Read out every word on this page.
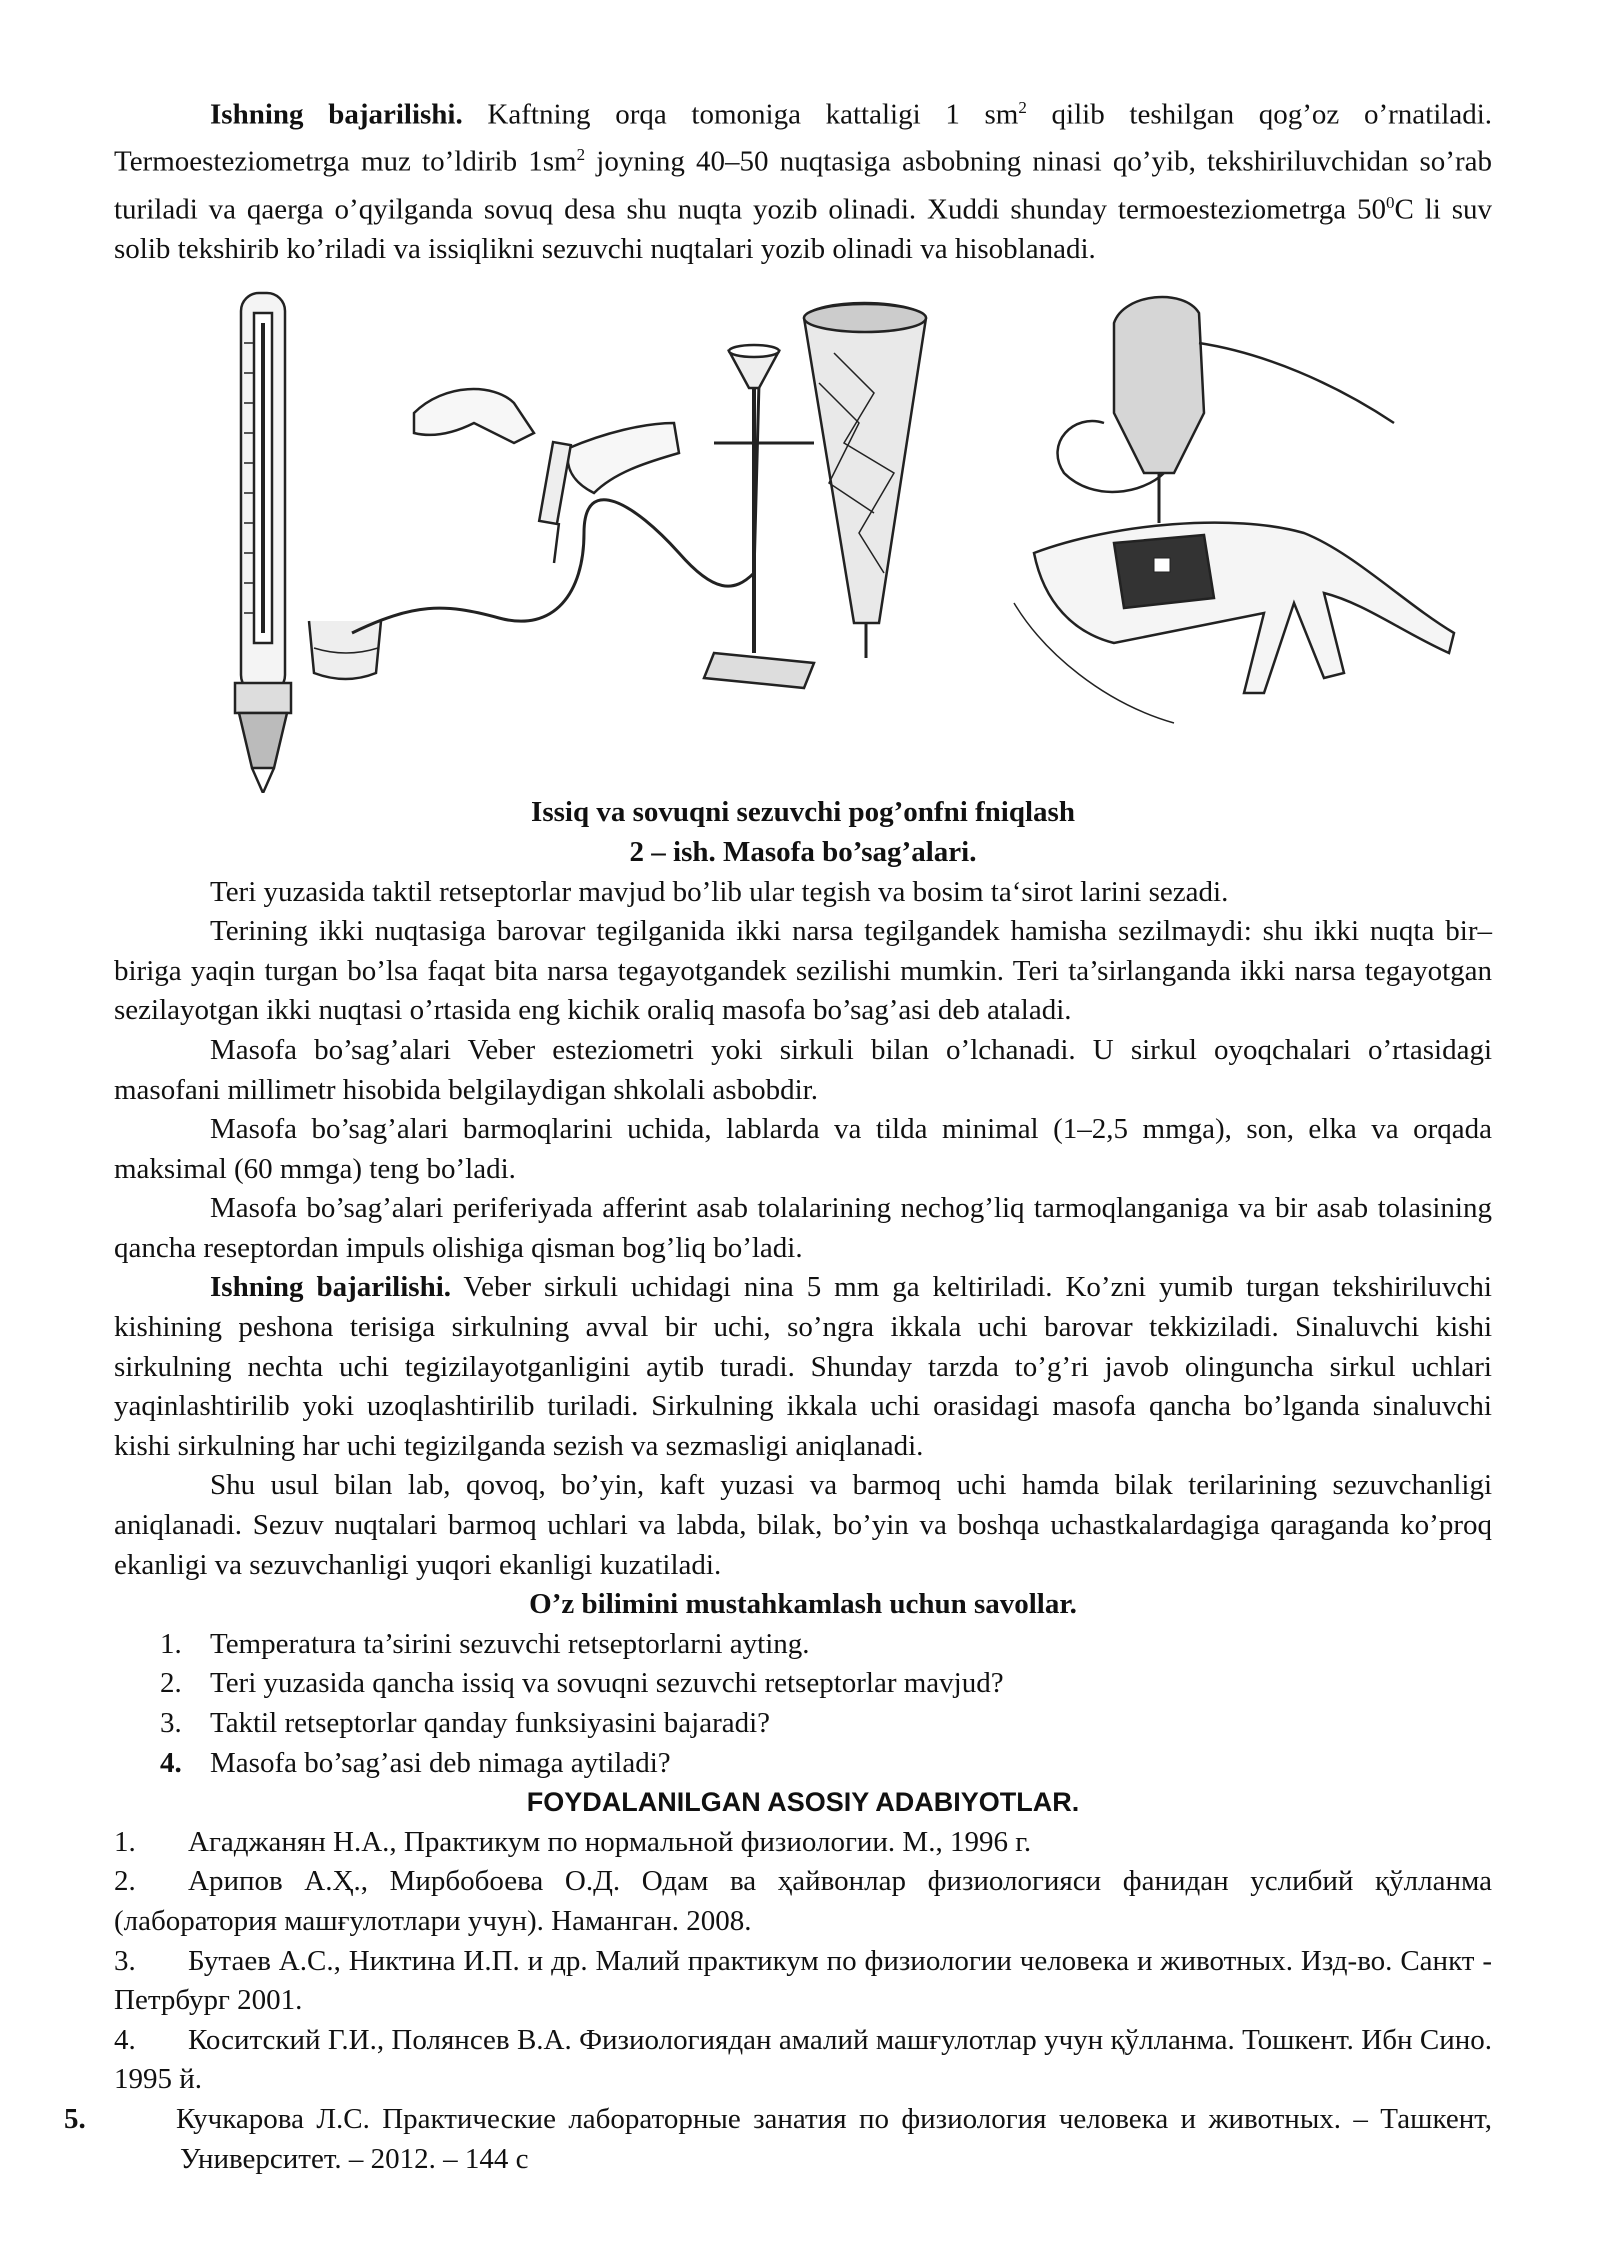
Ishning bajarilishi. Kaftning orqa tomoniga kattaligi 1 $sm^2$ qilib teshilgan qog’oz o’rnatiladi. Termoesteziometrga muz to’ldirib $1sm^2$ joyning 40–50 nuqtasiga asbobning ninasi qo’yib, tekshiriluvchidan so’rab turiladi va qaerga o’qyilganda sovuq desa shu nuqta yozib olinadi. Xuddi shunday termoesteziometrga $50^0C$ li suv solib tekshirib ko’riladi va issiqlikni sezuvchi nuqtalari yozib olinadi va hisoblanadi.

Issiq va sovuqni sezuvchi pog’onfni fniqlash

2 – ish. Masofa bo’sag’alari.

Teri yuzasida taktil retseptorlar mavjud bo’lib ular tegish va bosim ta‘sirot larini sezadi.

Terining ikki nuqtasiga barovar tegilganida ikki narsa tegilgandek hamisha sezilmaydi: shu ikki nuqta bir–biriga yaqin turgan bo’lsa faqat bita narsa tegayotgandek sezilishi mumkin. Teri ta’sirlanganda ikki narsa tegayotgan sezilayotgan ikki nuqtasi o’rtasida eng kichik oraliq masofa bo’sag’asi deb ataladi.

Masofa bo’sag’alari Veber esteziometri yoki sirkuli bilan o’lchanadi. U sirkul oyoqchalari o’rtasidagi masofani millimetr hisobida belgilaydigan shkolali asbobdir.

Masofa bo’sag’alari barmoqlarini uchida, lablarda va tilda minimal (1–2,5 mmga), son, elka va orqada maksimal (60 mmga) teng bo’ladi.

Masofa bo’sag’alari periferiyada afferint asab tolalarining nechog’liq tarmoqlanganiga va bir asab tolasining qancha reseptordan impuls olishiga qisman bog’liq bo’ladi.

Ishning bajarilishi. Veber sirkuli uchidagi nina 5 mm ga keltiriladi. Ko’zni yumib turgan tekshiriluvchi kishining peshona terisiga sirkulning avval bir uchi, so’ngra ikkala uchi barovar tekkiziladi. Sinaluvchi kishi sirkulning nechta uchi tegizilayotganligini aytib turadi. Shunday tarzda to’g’ri javob olinguncha sirkul uchlari yaqinlashtirilib yoki uzoqlashtirilib turiladi. Sirkulning ikkala uchi orasidagi masofa qancha bo’lganda sinaluvchi kishi sirkulning har uchi tegizilganda sezish va sezmasligi aniqlanadi.

Shu usul bilan lab, qovoq, bo’yin, kaft yuzasi va barmoq uchi hamda bilak terilarining sezuvchanligi aniqlanadi. Sezuv nuqtalari barmoq uchlari va labda, bilak, bo’yin va boshqa uchastkalardagiga qaraganda ko’proq ekanligi va sezuvchanligi yuqori ekanligi kuzatiladi.

O’z bilimini mustahkamlash uchun savollar.

1. Temperatura ta’sirini sezuvchi retseptorlarni ayting.
2. Teri yuzasida qancha issiq va sovuqni sezuvchi retseptorlar mavjud?
3. Taktil retseptorlar qanday funksiyasini bajaradi?
4. Masofa bo’sag’asi deb nimaga aytiladi?

FOYDALANILGAN ASOSIY ADABIYOTLAR.

1. Агаджанян Н.А., Практикум по нормальной физиологии. М., 1996 г.

2. Арипов А.Ҳ., Мирбобоева О.Д. Одам ва ҳайвонлар физиологияси фанидан услибий қўлланма (лаборатория машғулотлари учун). Наманган. 2008.

3. Бутаев А.С., Никтина И.П. и др. Малий практикум по физиологии человека и животных. Изд-во. Санкт - Петрбург 2001.

4. Коситский Г.И., Полянсев В.А. Физиологиядан амалий машғулотлар учун қўлланма. Тошкент. Ибн Сино. 1995 й.

5.	Кучкарова Л.С. Практические лабораторные занатия по физиология человека и животных. – Ташкент, Университет. – 2012. – 144 с
